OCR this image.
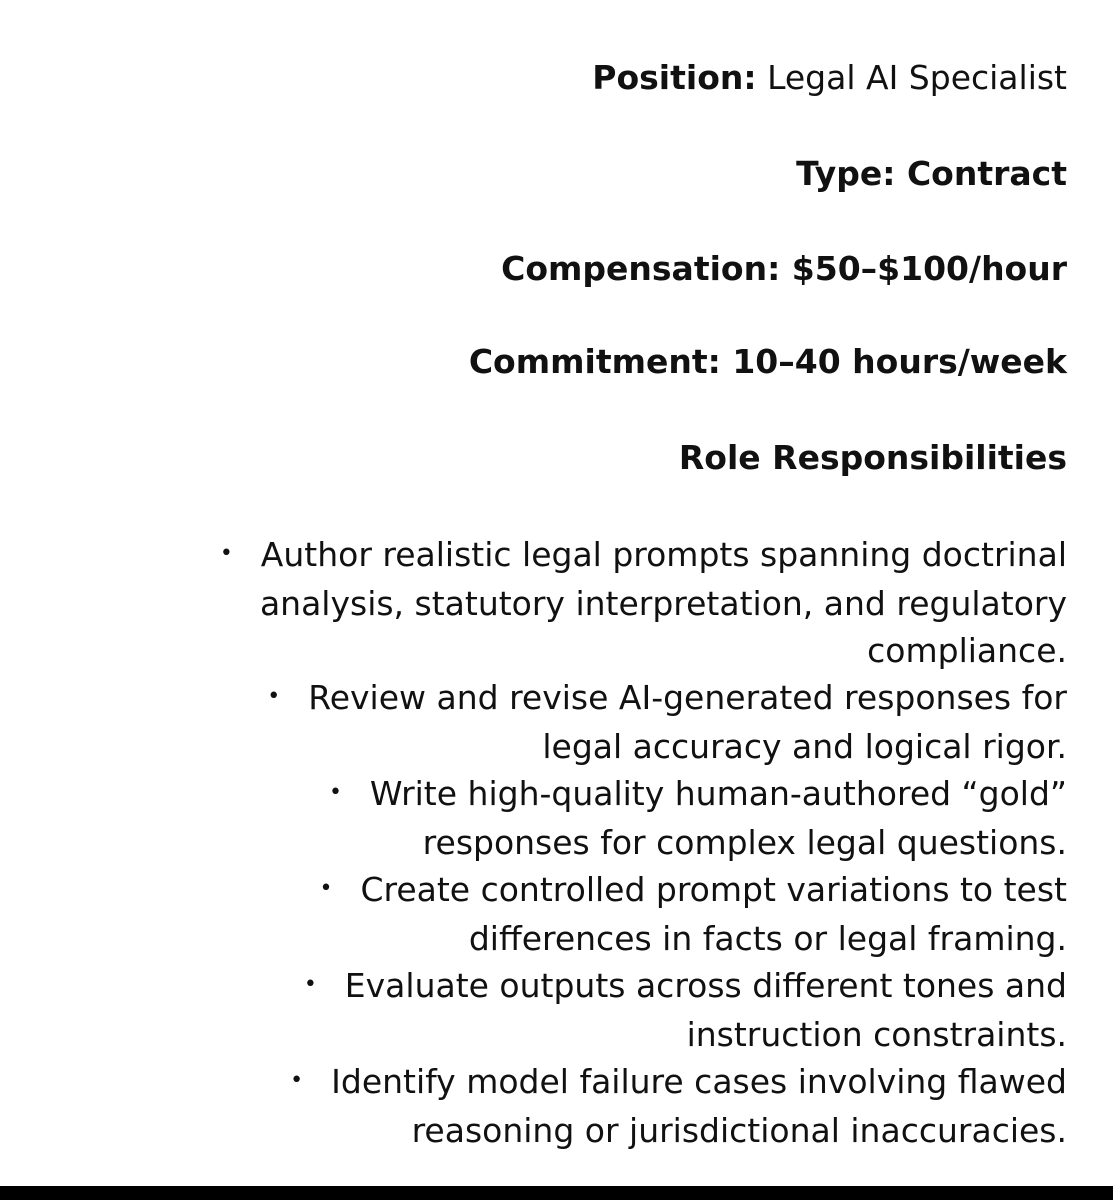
Position: Legal AI Specialist
Type: Contract
Compensation: $50–$100/hour
Commitment: 10–40 hours/week
Role Responsibilities
• Author realistic legal prompts spanning doctrinal
analysis, statutory interpretation, and regulatory
compliance.
• Review and revise AI-generated responses for
legal accuracy and logical rigor.
• Write high-quality human-authored “gold”
responses for complex legal questions.
• Create controlled prompt variations to test
differences in facts or legal framing.
• Evaluate outputs across different tones and
instruction constraints.
• Identify model failure cases involving flawed
reasoning or jurisdictional inaccuracies.
